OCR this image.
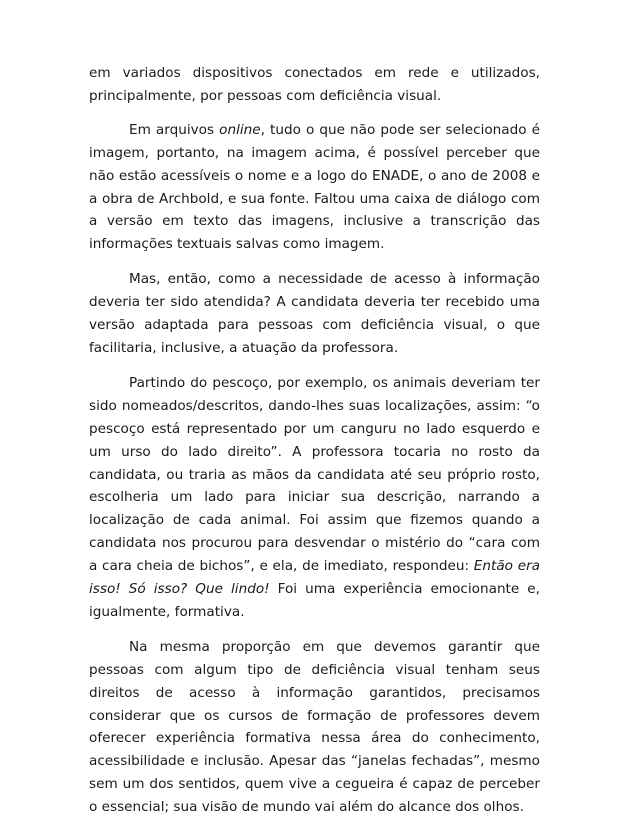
em variados dispositivos conectados em rede e utilizados, principalmente, por pessoas com deficiência visual.

Em arquivos online, tudo o que não pode ser selecionado é imagem, portanto, na imagem acima, é possível perceber que não estão acessíveis o nome e a logo do ENADE, o ano de 2008 e a obra de Archbold, e sua fonte. Faltou uma caixa de diálogo com a versão em texto das imagens, inclusive a transcrição das informações textuais salvas como imagem.

Mas, então, como a necessidade de acesso à informação deveria ter sido atendida? A candidata deveria ter recebido uma versão adaptada para pessoas com deficiência visual, o que facilitaria, inclusive, a atuação da professora.

Partindo do pescoço, por exemplo, os animais deveriam ter sido nomeados/descritos, dando-lhes suas localizações, assim: “o pescoço está representado por um canguru no lado esquerdo e um urso do lado direito”. A professora tocaria no rosto da candidata, ou traria as mãos da candidata até seu próprio rosto, escolheria um lado para iniciar sua descrição, narrando a localização de cada animal. Foi assim que fizemos quando a candidata nos procurou para desvendar o mistério do “cara com a cara cheia de bichos”, e ela, de imediato, respondeu: Então era isso! Só isso? Que lindo! Foi uma experiência emocionante e, igualmente, formativa.

Na mesma proporção em que devemos garantir que pessoas com algum tipo de deficiência visual tenham seus direitos de acesso à informação garantidos, precisamos considerar que os cursos de formação de professores devem oferecer experiência formativa nessa área do conhecimento, acessibilidade e inclusão. Apesar das “janelas fechadas”, mesmo sem um dos sentidos, quem vive a cegueira é capaz de perceber o essencial; sua visão de mundo vai além do alcance dos olhos.
